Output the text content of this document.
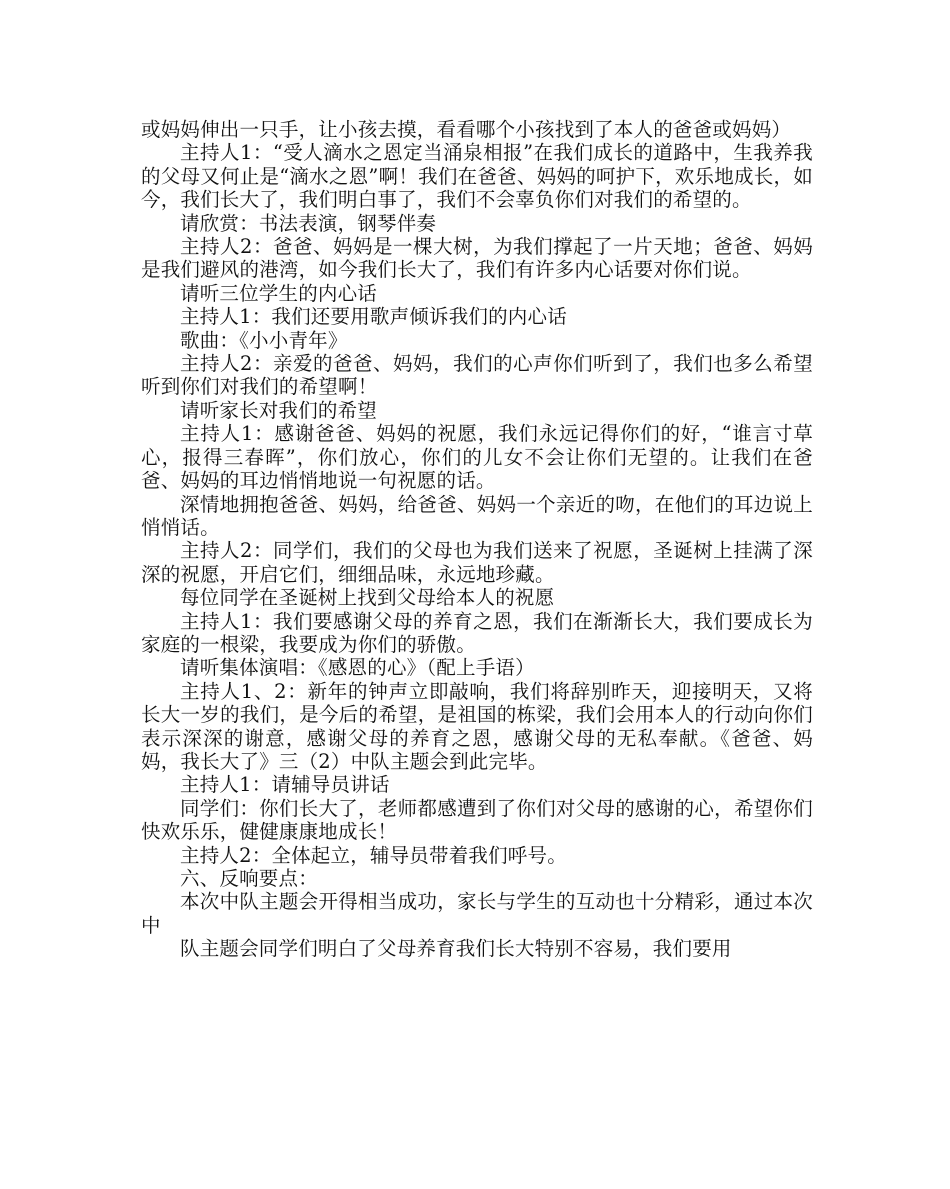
或妈妈伸出一只手，让小孩去摸，看看哪个小孩找到了本人的爸爸或妈妈）

主持人1：“受人滴水之恩定当涌泉相报”在我们成长的道路中，生我养我的父母又何止是“滴水之恩”啊！我们在爸爸、妈妈的呵护下，欢乐地成长，如今，我们长大了，我们明白事了，我们不会辜负你们对我们的希望的。

请欣赏：书法表演，钢琴伴奏

主持人2：爸爸、妈妈是一棵大树，为我们撑起了一片天地；爸爸、妈妈是我们避风的港湾，如今我们长大了，我们有许多内心话要对你们说。

请听三位学生的内心话

主持人1：我们还要用歌声倾诉我们的内心话

歌曲：《小小青年》

主持人2：亲爱的爸爸、妈妈，我们的心声你们听到了，我们也多么希望听到你们对我们的希望啊！

请听家长对我们的希望

主持人1：感谢爸爸、妈妈的祝愿，我们永远记得你们的好，“谁言寸草心，报得三春晖”，你们放心，你们的儿女不会让你们无望的。让我们在爸爸、妈妈的耳边悄悄地说一句祝愿的话。

深情地拥抱爸爸、妈妈，给爸爸、妈妈一个亲近的吻，在他们的耳边说上悄悄话。

主持人2：同学们，我们的父母也为我们送来了祝愿，圣诞树上挂满了深深的祝愿，开启它们，细细品味，永远地珍藏。

每位同学在圣诞树上找到父母给本人的祝愿

主持人1：我们要感谢父母的养育之恩，我们在渐渐长大，我们要成长为家庭的一根梁，我要成为你们的骄傲。

请听集体演唱：《感恩的心》（配上手语）

主持人1、2：新年的钟声立即敲响，我们将辞别昨天，迎接明天，又将长大一岁的我们，是今后的希望，是祖国的栋梁，我们会用本人的行动向你们表示深深的谢意，感谢父母的养育之恩，感谢父母的无私奉献。《爸爸、妈妈，我长大了》三（2）中队主题会到此完毕。

主持人1：请辅导员讲话

同学们：你们长大了，老师都感遭到了你们对父母的感谢的心，希望你们快欢乐乐，健健康康地成长！

主持人2：全体起立，辅导员带着我们呼号。

六、反响要点：

本次中队主题会开得相当成功，家长与学生的互动也十分精彩，通过本次中

队主题会同学们明白了父母养育我们长大特别不容易，我们要用
